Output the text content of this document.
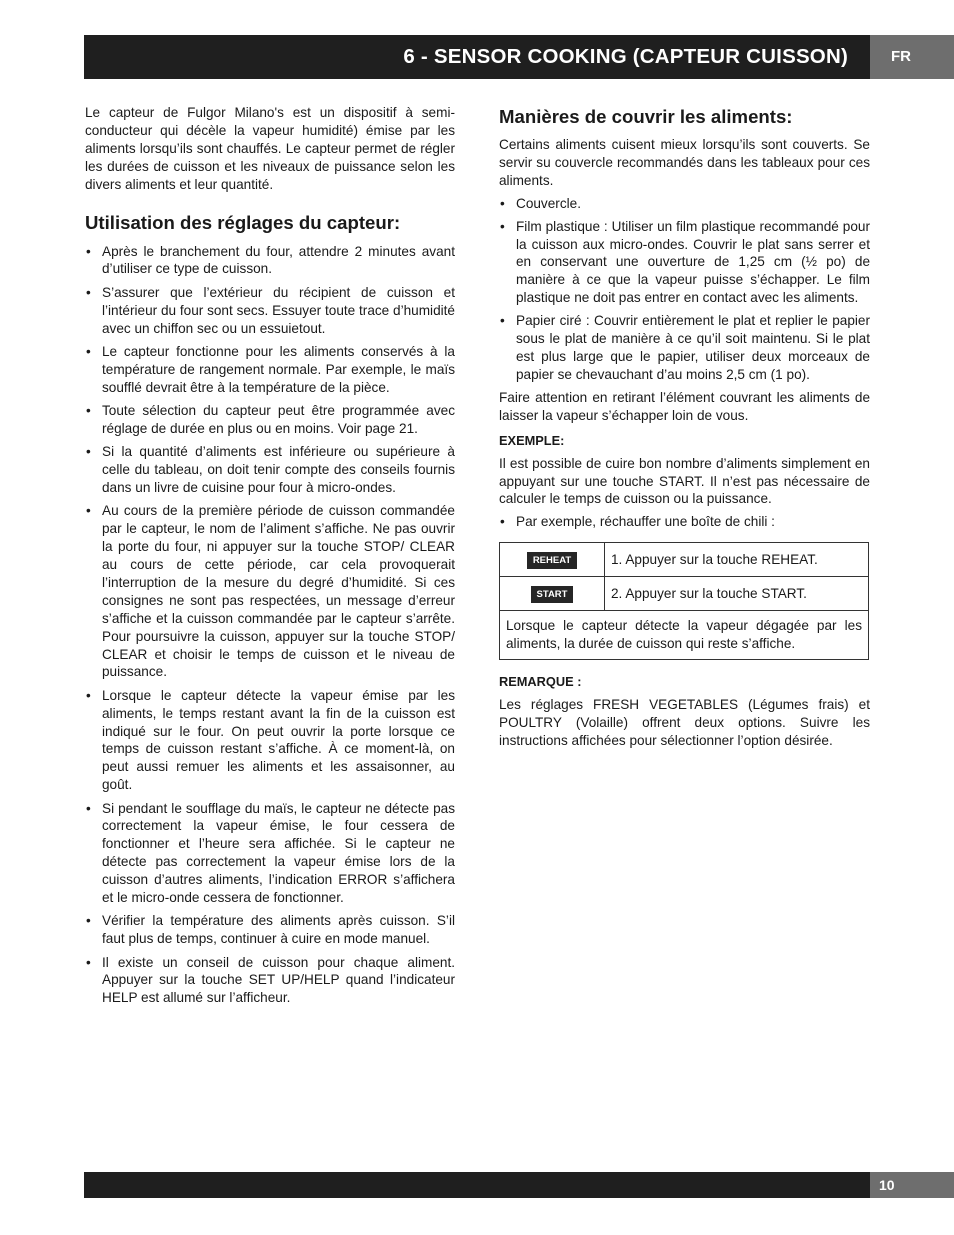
6 - SENSOR COOKING (CAPTEUR CUISSON)	FR

Le capteur de Fulgor Milano's est un dispositif à semi-conducteur qui décèle la vapeur humidité) émise par les aliments lorsqu’ils sont chauffés. Le capteur permet de régler les durées de cuisson et les niveaux de puissance selon les divers aliments et leur quantité.

Utilisation des réglages du capteur:
• Après le branchement du four, attendre 2 minutes avant d’utiliser ce type de cuisson.
• S’assurer que l’extérieur du récipient de cuisson et l’intérieur du four sont secs. Essuyer toute trace d’humidité avec un chiffon sec ou un essuietout.
• Le capteur fonctionne pour les aliments conservés à la température de rangement normale. Par exemple, le maïs soufflé devrait être à la température de la pièce.
• Toute sélection du capteur peut être programmée avec réglage de durée en plus ou en moins. Voir page 21.
• Si la quantité d’aliments est inférieure ou supérieure à celle du tableau, on doit tenir compte des conseils fournis dans un livre de cuisine pour four à micro-ondes.
• Au cours de la première période de cuisson commandée par le capteur, le nom de l’aliment s’affiche. Ne pas ouvrir la porte du four, ni appuyer sur la touche STOP/ CLEAR au cours de cette période, car cela provoquerait l’interruption de la mesure du degré d’humidité. Si ces consignes ne sont pas respectées, un message d’erreur s’affiche et la cuisson commandée par le capteur s’arrête. Pour poursuivre la cuisson, appuyer sur la touche STOP/ CLEAR et choisir le temps de cuisson et le niveau de puissance.
• Lorsque le capteur détecte la vapeur émise par les aliments, le temps restant avant la fin de la cuisson est indiqué sur le four. On peut ouvrir la porte lorsque ce temps de cuisson restant s’affiche. À ce moment-là, on peut aussi remuer les aliments et les assaisonner, au goût.
• Si pendant le soufflage du maïs, le capteur ne détecte pas correctement la vapeur émise, le four cessera de fonctionner et l’heure sera affichée. Si le capteur ne détecte pas correctement la vapeur émise lors de la cuisson d’autres aliments, l’indication ERROR s’affichera et le micro-onde cessera de fonctionner.
• Vérifier la température des aliments après cuisson. S’il faut plus de temps, continuer à cuire en mode manuel.
• Il existe un conseil de cuisson pour chaque aliment. Appuyer sur la touche SET UP/HELP quand l’indicateur HELP est allumé sur l’afficheur.
Manières de couvrir les aliments:

Certains aliments cuisent mieux lorsqu’ils sont couverts. Se servir su couvercle recommandés dans les tableaux pour ces aliments.

• Couvercle.
• Film plastique : Utiliser un film plastique recommandé pour la cuisson aux micro-ondes. Couvrir le plat sans serrer et en conservant une ouverture de 1,25 cm (½ po) de manière à ce que la vapeur puisse s’échapper. Le film plastique ne doit pas entrer en contact avec les aliments.
• Papier ciré : Couvrir entièrement le plat et replier le papier sous le plat de manière à ce qu’il soit maintenu. Si le plat est plus large que le papier, utiliser deux morceaux de papier se chevauchant d’au moins 2,5 cm (1 po).

Faire attention en retirant l’élément couvrant les aliments de laisser la vapeur s’échapper loin de vous.

EXEMPLE:

Il est possible de cuire bon nombre d’aliments simplement en appuyant sur une touche START. Il n’est pas nécessaire de calculer le temps de cuisson ou la puissance.

• Par exemple, réchauffer une boîte de chili :
REHEAT	1. Appuyer sur la touche REHEAT.
START	2. Appuyer sur la touche START.
Lorsque le capteur détecte la vapeur dégagée par les aliments, la durée de cuisson qui reste s’affiche.	
REMARQUE :

Les réglages FRESH VEGETABLES (Légumes frais) et POULTRY (Volaille) offrent deux options. Suivre les instructions affichées pour sélectionner l’option désirée.

10
